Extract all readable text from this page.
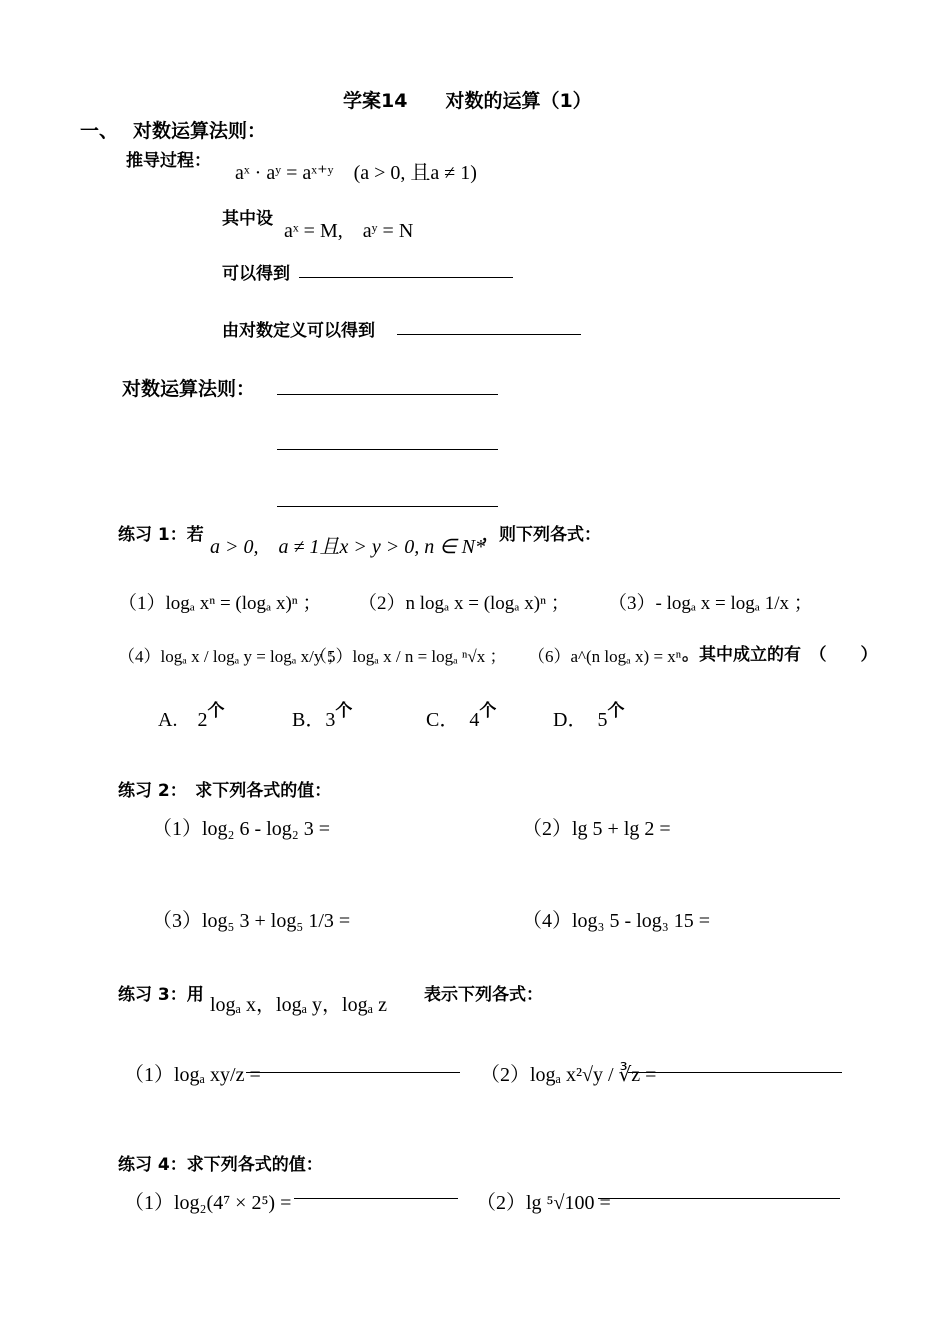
学案14　　对数的运算（1）
一、 对数运算法则：
推导过程：
aˣ · aʸ = aˣ⁺ʸ　(a > 0, 且a ≠ 1)
其中设
aˣ = M,　aʸ = N
可以得到
由对数定义可以得到
对数运算法则：
练习 1：若
a > 0,　a ≠ 1且x > y > 0, n ∈ N*
，则下列各式：
（1）logₐ xⁿ = (logₐ x)ⁿ ； （2）n logₐ x = (logₐ x)ⁿ ； （3）- logₐ x = logₐ 1/x ；
（4）logₐ x / logₐ y = logₐ x/y ；
（5）logₐ x / n = logₐ ⁿ√x ； （6）a^(n logₐ x) = xⁿ 。其中成立的有　（　　）
A.　$2^个$	B．$3^个$	C．　$4^个$	D．　$5^个$
练习 2：　求下列各式的值：
（1）log₂ 6 - log₂ 3 =	（2）lg 5 + lg 2 =
（3）log₅ 3 + log₅ 1/3 =	（4）log₃ 5 - log₃ 15 =
练习 3：用 logₐ x，logₐ y，logₐ z 表示下列各式：
（1）logₐ xy/z =	（2）logₐ x²√y / ∛z =
练习 4：求下列各式的值：
（1）log₂(4⁷ × 2⁵) =	（2）lg ⁵√100 =
